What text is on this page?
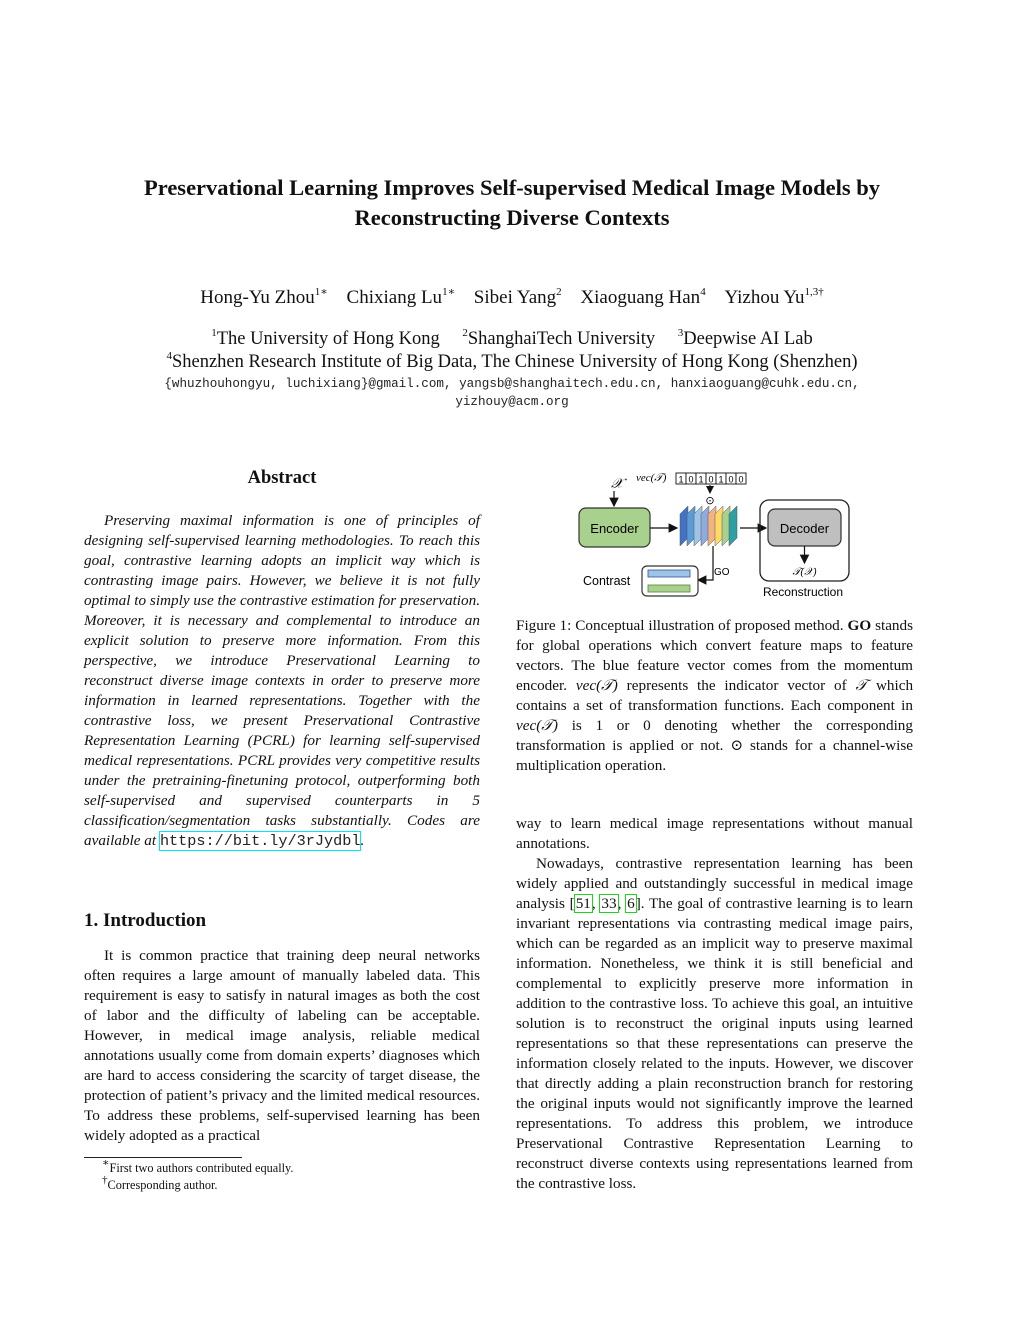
Preservational Learning Improves Self-supervised Medical Image Models by
Reconstructing Diverse Contexts
Hong-Yu Zhou$^{1∗}$ Chixiang $Lu^{1∗}$ Sibei Yang$^2$ Xiaoguang Han$^4$ Yizhou $Yu^{1,3\dagger}$
$^1$The University of Hong Kong $^2$ShanghaiTech University $^3$Deepwise AI Lab
$^4$Shenzhen Research Institute of Big Data, The Chinese University of Hong Kong (Shenzhen)
{whuzhouhongyu, luchixiang}@gmail.com, yangsb@shanghaitech.edu.cn, hanxiaoguang@cuhk.edu.cn,
yizhouy@acm.org
Abstract
Preserving maximal information is one of principles of designing self-supervised learning methodologies. To reach this goal, contrastive learning adopts an implicit way which is contrasting image pairs. However, we believe it is not fully optimal to simply use the contrastive estimation for preservation. Moreover, it is necessary and complemental to introduce an explicit solution to preserve more information. From this perspective, we introduce Preservational Learning to reconstruct diverse image contexts in order to preserve more information in learned representations. Together with the contrastive loss, we present Preservational Contrastive Representation Learning (PCRL) for learning self-supervised medical representations. PCRL provides very competitive results under the pretraining-finetuning protocol, outperforming both self-supervised and supervised counterparts in 5 classification/segmentation tasks substantially. Codes are available at https://bit.ly/3rJydbl.
1. Introduction
It is common practice that training deep neural networks often requires a large amount of manually labeled data. This requirement is easy to satisfy in natural images as both the cost of labor and the difficulty of labeling can be acceptable. However, in medical image analysis, reliable medical annotations usually come from domain experts’ diagnoses which are hard to access considering the scarcity of target disease, the protection of patient’s privacy and the limited medical resources. To address these problems, self-supervised learning has been widely adopted as a practical
∗First two authors contributed equally.
†Corresponding author.
𝒳
Encoder
vec(𝒯) 1 0 1 0 1 0 0
⊙
GO
Contrast
Decoder
𝒯(𝒳)
Reconstruction
Figure 1: Conceptual illustration of proposed method. GO stands for global operations which convert feature maps to feature vectors. The blue feature vector comes from the momentum encoder. vec(𝒯) represents the indicator vector of 𝒯 which contains a set of transformation functions. Each component in vec(𝒯) is 1 or 0 denoting whether the corresponding transformation is applied or not. ⊙ stands for a channel-wise multiplication operation.
way to learn medical image representations without manual annotations.
Nowadays, contrastive representation learning has been widely applied and outstandingly successful in medical image analysis [51, 33, 6]. The goal of contrastive learning is to learn invariant representations via contrasting medical image pairs, which can be regarded as an implicit way to preserve maximal information. Nonetheless, we think it is still beneficial and complemental to explicitly preserve more information in addition to the contrastive loss. To achieve this goal, an intuitive solution is to reconstruct the original inputs using learned representations so that these representations can preserve the information closely related to the inputs. However, we discover that directly adding a plain reconstruction branch for restoring the original inputs would not significantly improve the learned representations. To address this problem, we introduce Preservational Contrastive Representation Learning to reconstruct diverse contexts using representations learned from the contrastive loss.
